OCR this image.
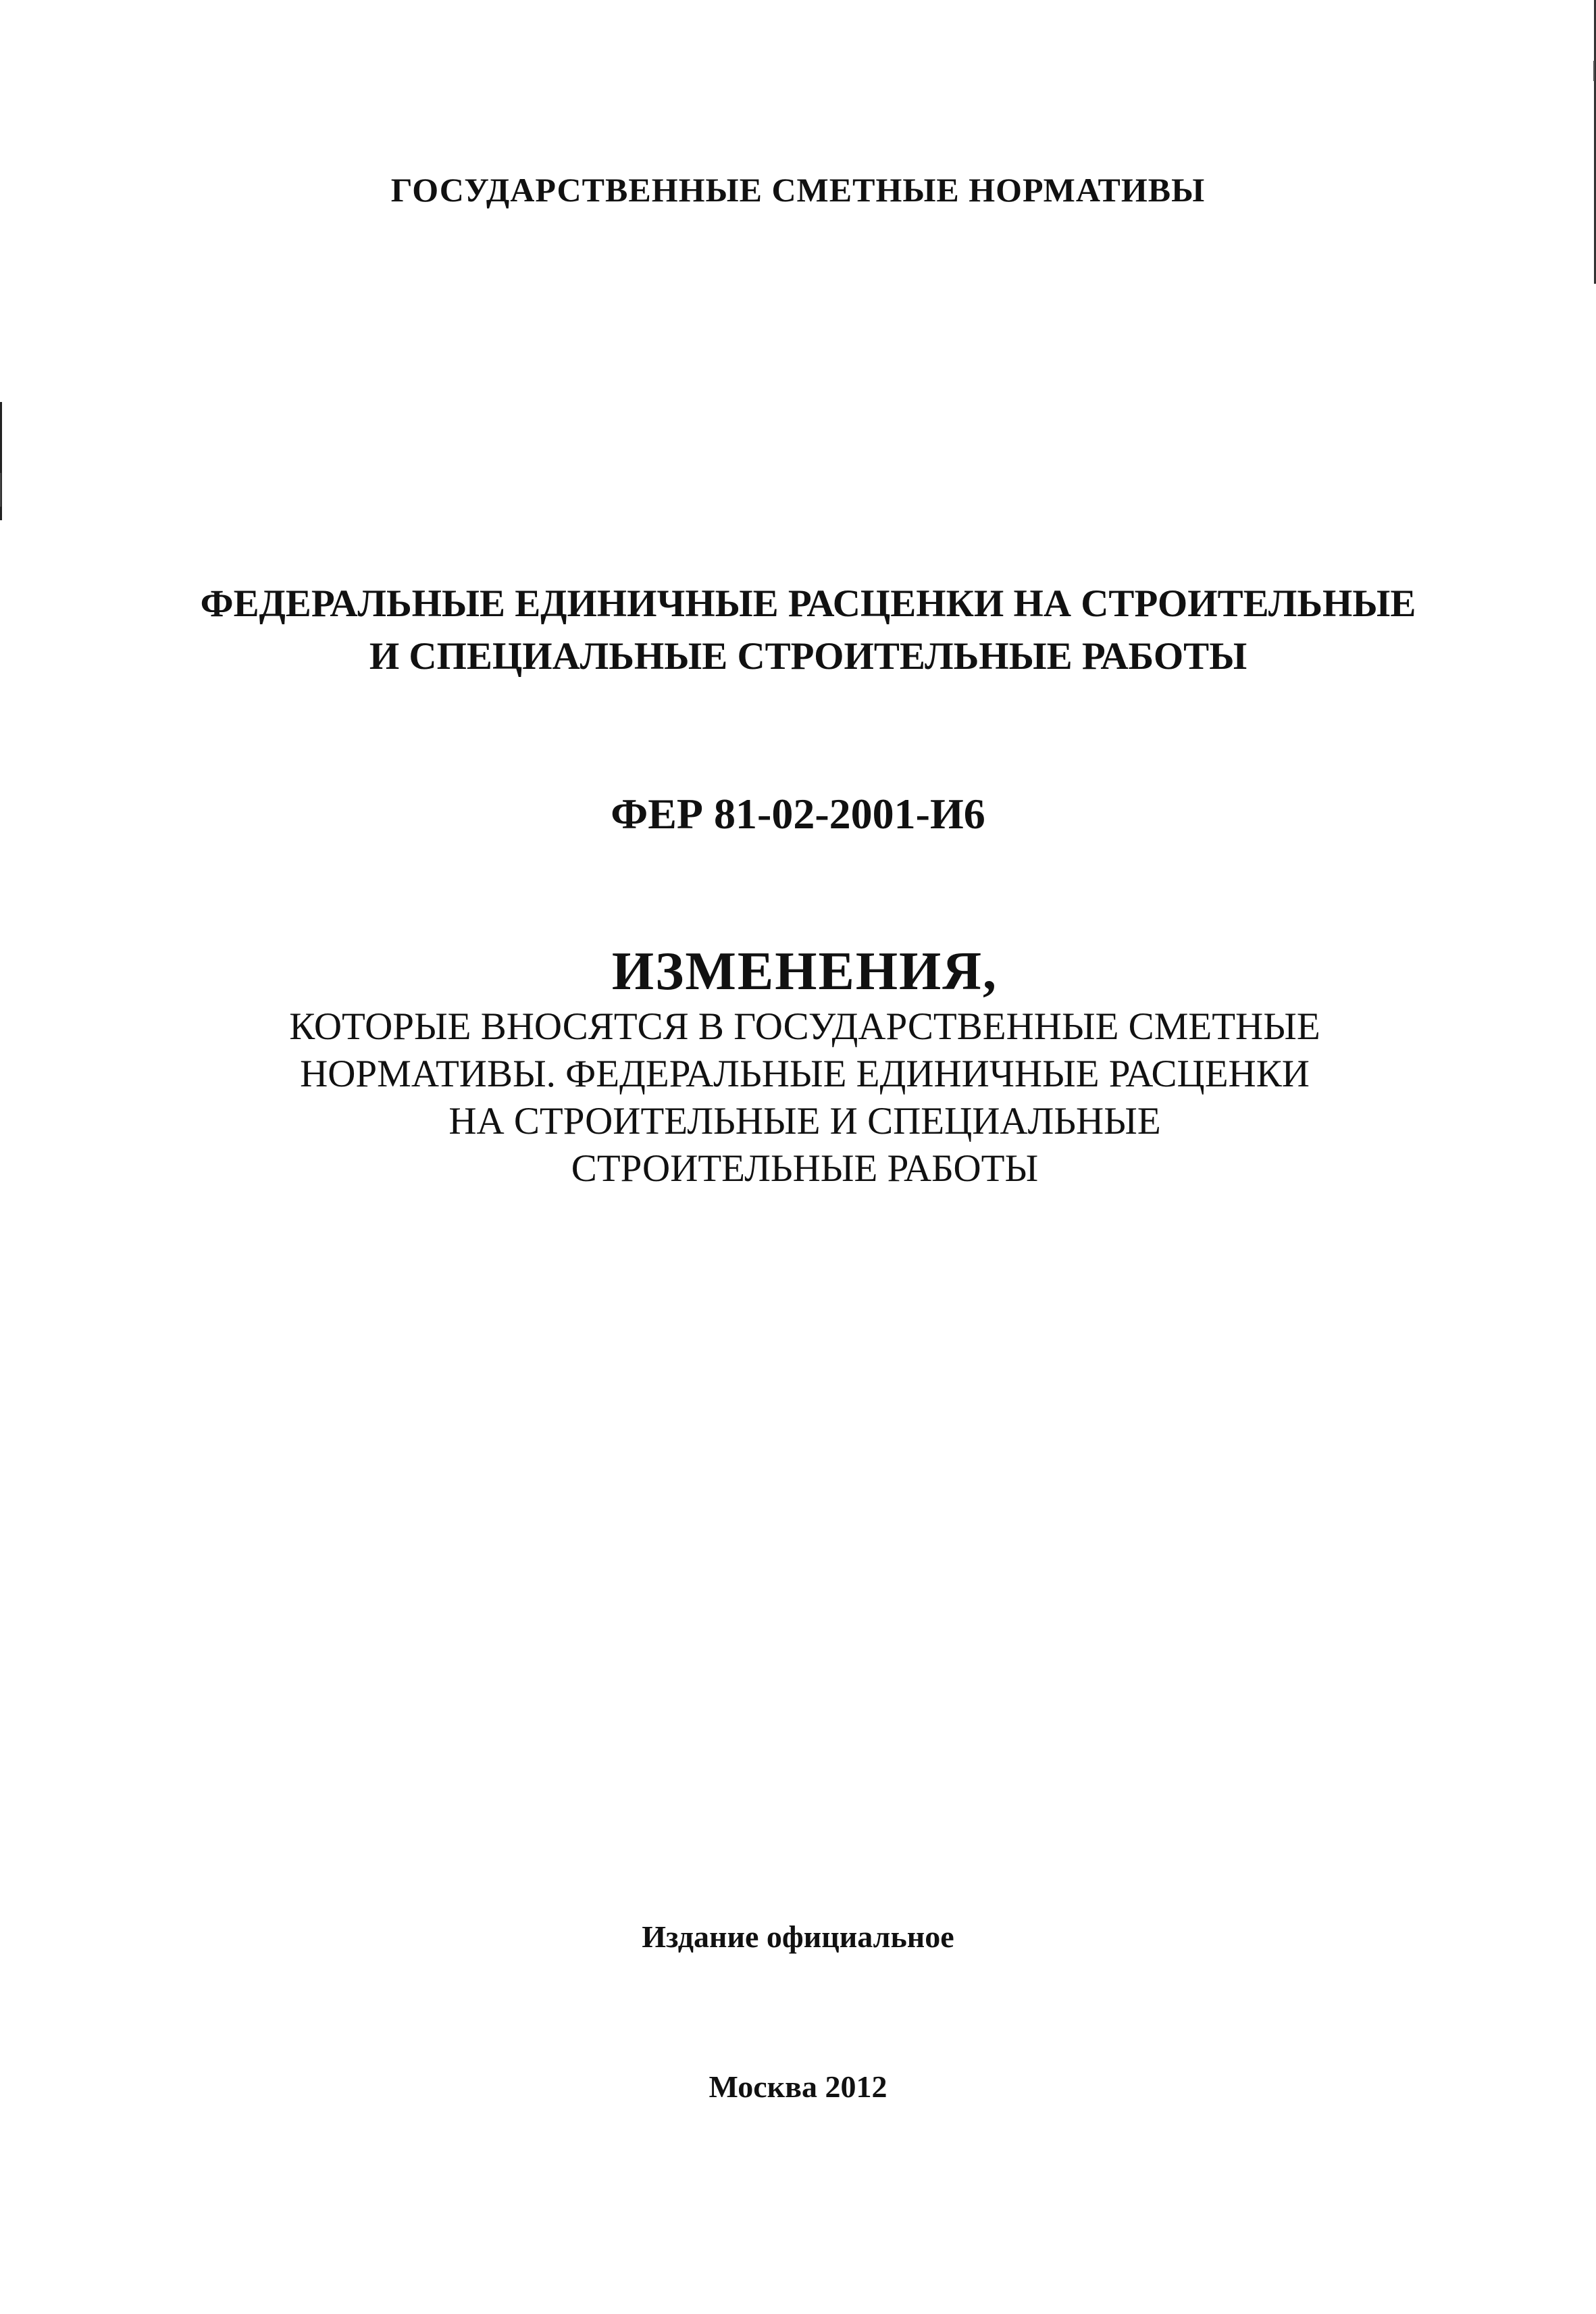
ГОСУДАРСТВЕННЫЕ СМЕТНЫЕ НОРМАТИВЫ
ФЕДЕРАЛЬНЫЕ ЕДИНИЧНЫЕ РАСЦЕНКИ НА СТРОИТЕЛЬНЫЕ
И СПЕЦИАЛЬНЫЕ СТРОИТЕЛЬНЫЕ РАБОТЫ
ФЕР 81-02-2001-И6
ИЗМЕНЕНИЯ,
КОТОРЫЕ ВНОСЯТСЯ В ГОСУДАРСТВЕННЫЕ СМЕТНЫЕ
НОРМАТИВЫ. ФЕДЕРАЛЬНЫЕ ЕДИНИЧНЫЕ РАСЦЕНКИ
НА СТРОИТЕЛЬНЫЕ И СПЕЦИАЛЬНЫЕ
СТРОИТЕЛЬНЫЕ РАБОТЫ
Издание официальное
Москва 2012
